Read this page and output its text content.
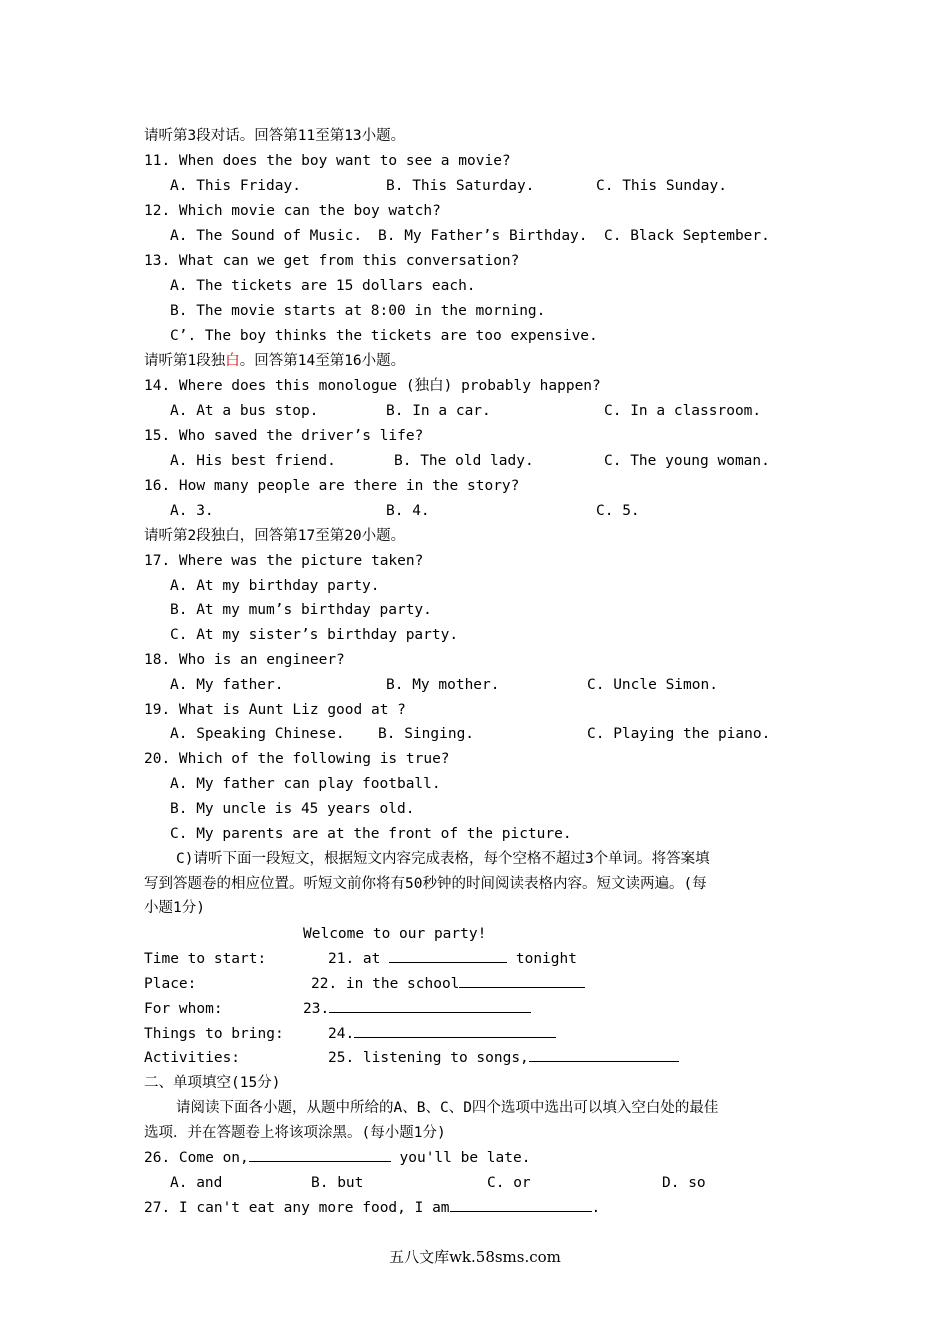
请听第3段对话。回答第11至第13小题。
11. When does the boy want to see a movie?
A. This Friday.	B. This Saturday.	C. This Sunday.
12. Which movie can the boy watch?
A. The Sound of Music. B. My Father’s Birthday. C. Black September.
13. What can we get from this conversation?
A. The tickets are 15 dollars each.
B. The movie starts at 8:00 in the morning.
C’. The boy thinks the tickets are too expensive.
请听第1段独白。回答第14至第16小题。
14. Where does this monologue (独白) probably happen?
A. At a bus stop.	B. In a car.	C. In a classroom.
15. Who saved the driver’s life?
A. His best friend.	B. The old lady.	C. The young woman.
16. How many people are there in the story?
A. 3.	B. 4.	C. 5.
请听第2段独白，回答第17至第20小题。
17. Where was the picture taken?
A. At my birthday party.
B. At my mum’s birthday party.
C. At my sister’s birthday party.
18. Who is an engineer?
A. My father.	B. My mother.	C. Uncle Simon.
19. What is Aunt Liz good at ?
A. Speaking Chinese. B. Singing.	C. Playing the piano.
20. Which of the following is true?
A. My father can play football.
B. My uncle is 45 years old.
C. My parents are at the front of the picture.
C)请听下面一段短文，根据短文内容完成表格，每个空格不超过3个单词。将答案填
写到答题卷的相应位置。听短文前你将有50秒钟的时间阅读表格内容。短文读两遍。(每
小题1分)
Welcome to our party!
Time to start:	21. at	tonight
Place:	22. in the school
For whom:	23.
Things to bring:	24.
Activities:	25. listening to songs,
二、单项填空(15分)
请阅读下面各小题，从题中所给的A、B、C、D四个选项中选出可以填入空白处的最佳
选项．并在答题卷上将该项涂黑。(每小题1分)
26. Come on,	you'll be late.
A. and	B. but	C. or	D. so
27. I can't eat any more food, I am	.
五八文库wk.58sms.com
